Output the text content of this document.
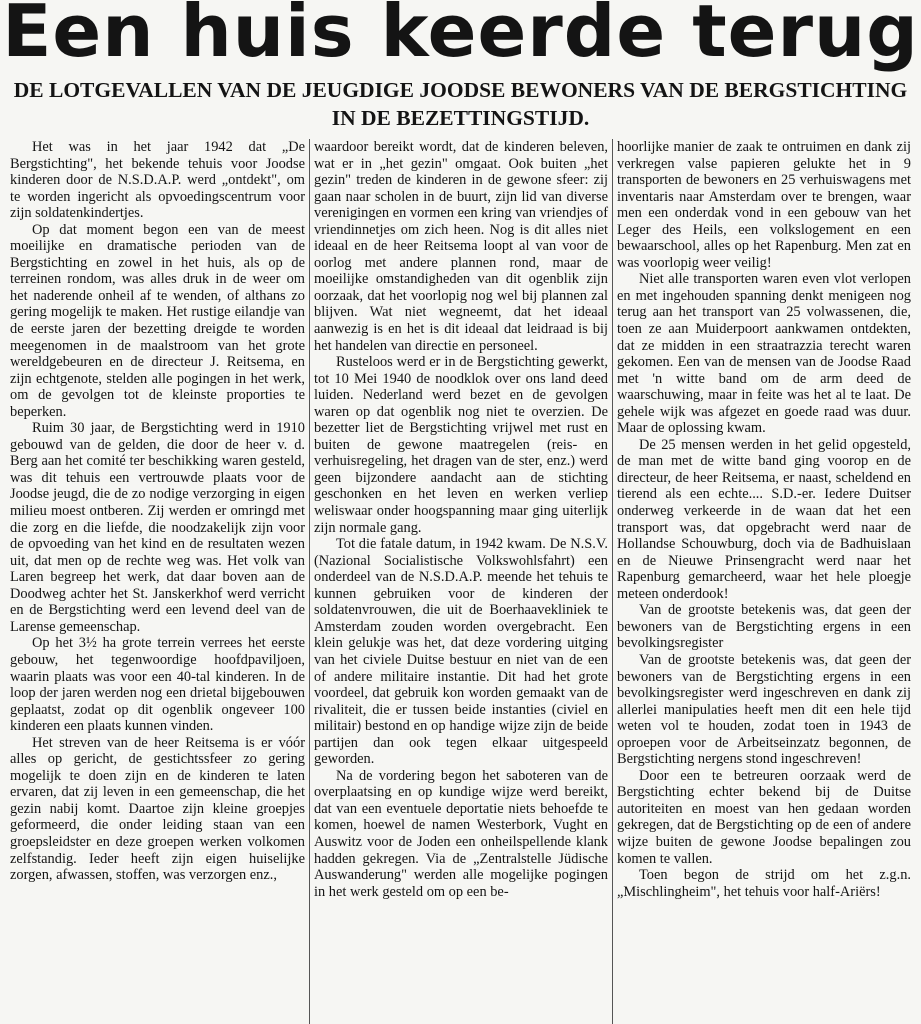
Een huis keerde terug
DE LOTGEVALLEN VAN DE JEUGDIGE JOODSE BEWONERS VAN DE BERGSTICHTING IN DE BEZETTINGSTIJD.

Het was in het jaar 1942 dat „De Bergstichting", het bekende tehuis voor Joodse kinderen door de N.S.D.A.P. werd „ontdekt", om te worden ingericht als opvoedingscentrum voor zijn soldatenkindertjes.

Op dat moment begon een van de meest moeilijke en dramatische perioden van de Bergstichting en zowel in het huis, als op de terreinen rondom, was alles druk in de weer om het naderende onheil af te wenden, of althans zo gering mogelijk te maken. Het rustige eilandje van de eerste jaren der bezetting dreigde te worden meegenomen in de maalstroom van het grote wereldgebeuren en de directeur J. Reitsema, en zijn echtgenote, stelden alle pogingen in het werk, om de gevolgen tot de kleinste proporties te beperken.

Ruim 30 jaar, de Bergstichting werd in 1910 gebouwd van de gelden, die door de heer v. d. Berg aan het comité ter beschikking waren gesteld, was dit tehuis een vertrouwde plaats voor de Joodse jeugd, die de zo nodige verzorging in eigen milieu moest ontberen. Zij werden er omringd met die zorg en die liefde, die noodzakelijk zijn voor de opvoeding van het kind en de resultaten wezen uit, dat men op de rechte weg was. Het volk van Laren begreep het werk, dat daar boven aan de Doodweg achter het St. Janskerkhof werd verricht en de Bergstichting werd een levend deel van de Larense gemeenschap.

Op het 3½ ha grote terrein verrees het eerste gebouw, het tegenwoordige hoofdpaviljoen, waarin plaats was voor een 40-tal kinderen. In de loop der jaren werden nog een drietal bijgebouwen geplaatst, zodat op dit ogenblik ongeveer 100 kinderen een plaats kunnen vinden.

Het streven van de heer Reitsema is er vóór alles op gericht, de gestichtssfeer zo gering mogelijk te doen zijn en de kinderen te laten ervaren, dat zij leven in een gemeenschap, die het gezin nabij komt. Daartoe zijn kleine groepjes geformeerd, die onder leiding staan van een groepsleidster en deze groepen werken volkomen zelfstandig. Ieder heeft zijn eigen huiselijke zorgen, afwassen, stoffen, was verzorgen enz.,

waardoor bereikt wordt, dat de kinderen beleven, wat er in „het gezin" omgaat. Ook buiten „het gezin" treden de kinderen in de gewone sfeer: zij gaan naar scholen in de buurt, zijn lid van diverse verenigingen en vormen een kring van vriendjes of vriendinnetjes om zich heen. Nog is dit alles niet ideaal en de heer Reitsema loopt al van voor de oorlog met andere plannen rond, maar de moeilijke omstandigheden van dit ogenblik zijn oorzaak, dat het voorlopig nog wel bij plannen zal blijven. Wat niet wegneemt, dat het ideaal aanwezig is en het is dit ideaal dat leidraad is bij het handelen van directie en personeel.

Rusteloos werd er in de Bergstichting gewerkt, tot 10 Mei 1940 de noodklok over ons land deed luiden. Nederland werd bezet en de gevolgen waren op dat ogenblik nog niet te overzien. De bezetter liet de Bergstichting vrijwel met rust en buiten de gewone maatregelen (reis- en verhuisregeling, het dragen van de ster, enz.) werd geen bijzondere aandacht aan de stichting geschonken en het leven en werken verliep weliswaar onder hoogspanning maar ging uiterlijk zijn normale gang.

Tot die fatale datum, in 1942 kwam. De N.S.V. (Nazional Socialistische Volkswohlsfahrt) een onderdeel van de N.S.D.A.P. meende het tehuis te kunnen gebruiken voor de kinderen der soldatenvrouwen, die uit de Boerhaavekliniek te Amsterdam zouden worden overgebracht. Een klein gelukje was het, dat deze vordering uitging van het civiele Duitse bestuur en niet van de een of andere militaire instantie. Dit had het grote voordeel, dat gebruik kon worden gemaakt van de rivaliteit, die er tussen beide instanties (civiel en militair) bestond en op handige wijze zijn de beide partijen dan ook tegen elkaar uitgespeeld geworden.

Na de vordering begon het saboteren van de overplaatsing en op kundige wijze werd bereikt, dat van een eventuele deportatie niets behoefde te komen, hoewel de namen Westerbork, Vught en Auswitz voor de Joden een onheilspellende klank hadden gekregen. Via de „Zentralstelle Jüdische Auswanderung" werden alle mogelijke pogingen in het werk gesteld om op een be-

hoorlijke manier de zaak te ontruimen en dank zij verkregen valse papieren gelukte het in 9 transporten de bewoners en 25 verhuiswagens met inventaris naar Amsterdam over te brengen, waar men een onderdak vond in een gebouw van het Leger des Heils, een volkslogement en een bewaarschool, alles op het Rapenburg. Men zat en was voorlopig weer veilig!

Niet alle transporten waren even vlot verlopen en met ingehouden spanning denkt menigeen nog terug aan het transport van 25 volwassenen, die, toen ze aan Muiderpoort aankwamen ontdekten, dat ze midden in een straatrazzia terecht waren gekomen. Een van de mensen van de Joodse Raad met 'n witte band om de arm deed de waarschuwing, maar in feite was het al te laat. De gehele wijk was afgezet en goede raad was duur. Maar de oplossing kwam.

De 25 mensen werden in het gelid opgesteld, de man met de witte band ging voorop en de directeur, de heer Reitsema, er naast, scheldend en tierend als een echte.... S.D.-er. Iedere Duitser onderweg verkeerde in de waan dat het een transport was, dat opgebracht werd naar de Hollandse Schouwburg, doch via de Badhuislaan en de Nieuwe Prinsengracht werd naar het Rapenburg gemarcheerd, waar het hele ploegje meteen onderdook!

Van de grootste betekenis was, dat geen der bewoners van de Bergstichting ergens in een bevolkingsregister

Van de grootste betekenis was, dat geen der bewoners van de Bergstichting ergens in een bevolkingsregister werd ingeschreven en dank zij allerlei manipulaties heeft men dit een hele tijd weten vol te houden, zodat toen in 1943 de oproepen voor de Arbeitseinzatz begonnen, de Bergstichting nergens stond ingeschreven!

Door een te betreuren oorzaak werd de Bergstichting echter bekend bij de Duitse autoriteiten en moest van hen gedaan worden gekregen, dat de Bergstichting op de een of andere wijze buiten de gewone Joodse bepalingen zou komen te vallen.

Toen begon de strijd om het z.g.n. „Mischlingheim", het tehuis voor half-Ariërs!
